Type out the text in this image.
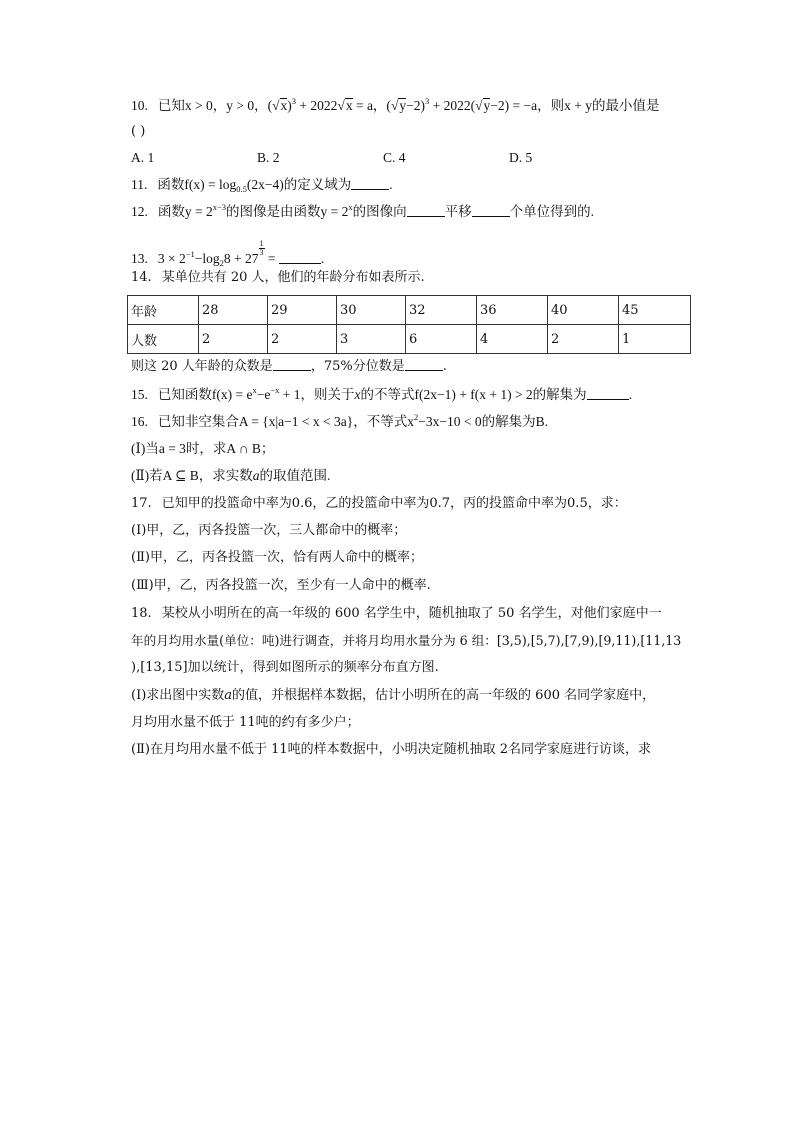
10. 已知x > 0，y > 0，$(√x)^3 + 2022√x = a$，$(√y-2)^3 + 2022(√y-2) = -a$，则x + y的最小值是
( )
A. 1	B. 2	C. 4	D. 5
11. 函数$f(x) = \log_{0.5}(2x-4)$的定义域为	.
12. 函数$y = 2^{x-3}$的图像是由函数$y = 2^x$的图像向	平移	个单位得到的.
13. $3 \times 2^{-1}-\log_28 + 27$
$\frac{1}{3}$
=	.
14. 某单位共有 20 人，他们的年龄分布如表所示.
年龄	28	29	30	32	36	40	45
人数	2	2	3	6	4	2	1
则这 20 人年龄的众数是	，75%分位数是	.
15. 已知函数$f(x) = e^x-e^{-x} + 1$，则关于x的不等式f(2x−1) + f(x + 1) > 2的解集为	.
16. 已知非空集合A = {x|a−1 < x < 3a}，不等式$x^2-3x-10 < 0$的解集为B.
(Ⅰ)当a = 3时，求A ∩ B；
(Ⅱ)若A ⊆ B，求实数a的取值范围.
17. 已知甲的投篮命中率为0.6，乙的投篮命中率为0.7，丙的投篮命中率为0.5，求：
(Ⅰ)甲，乙，丙各投篮一次，三人都命中的概率；
(Ⅱ)甲，乙，丙各投篮一次，恰有两人命中的概率；
(Ⅲ)甲，乙，丙各投篮一次，至少有一人命中的概率.
18. 某校从小明所在的高一年级的 600 名学生中，随机抽取了 50 名学生，对他们家庭中一
年的月均用水量(单位：吨)进行调查，并将月均用水量分为 6 组：[3,5),[5,7),[7,9),[9,11),[11,13
),[13,15]加以统计，得到如图所示的频率分布直方图.
(Ⅰ)求出图中实数a的值，并根据样本数据，估计小明所在的高一年级的 600 名同学家庭中，
月均用水量不低于 11吨的约有多少户；
(Ⅱ)在月均用水量不低于 11吨的样本数据中，小明决定随机抽取 2名同学家庭进行访谈，求
